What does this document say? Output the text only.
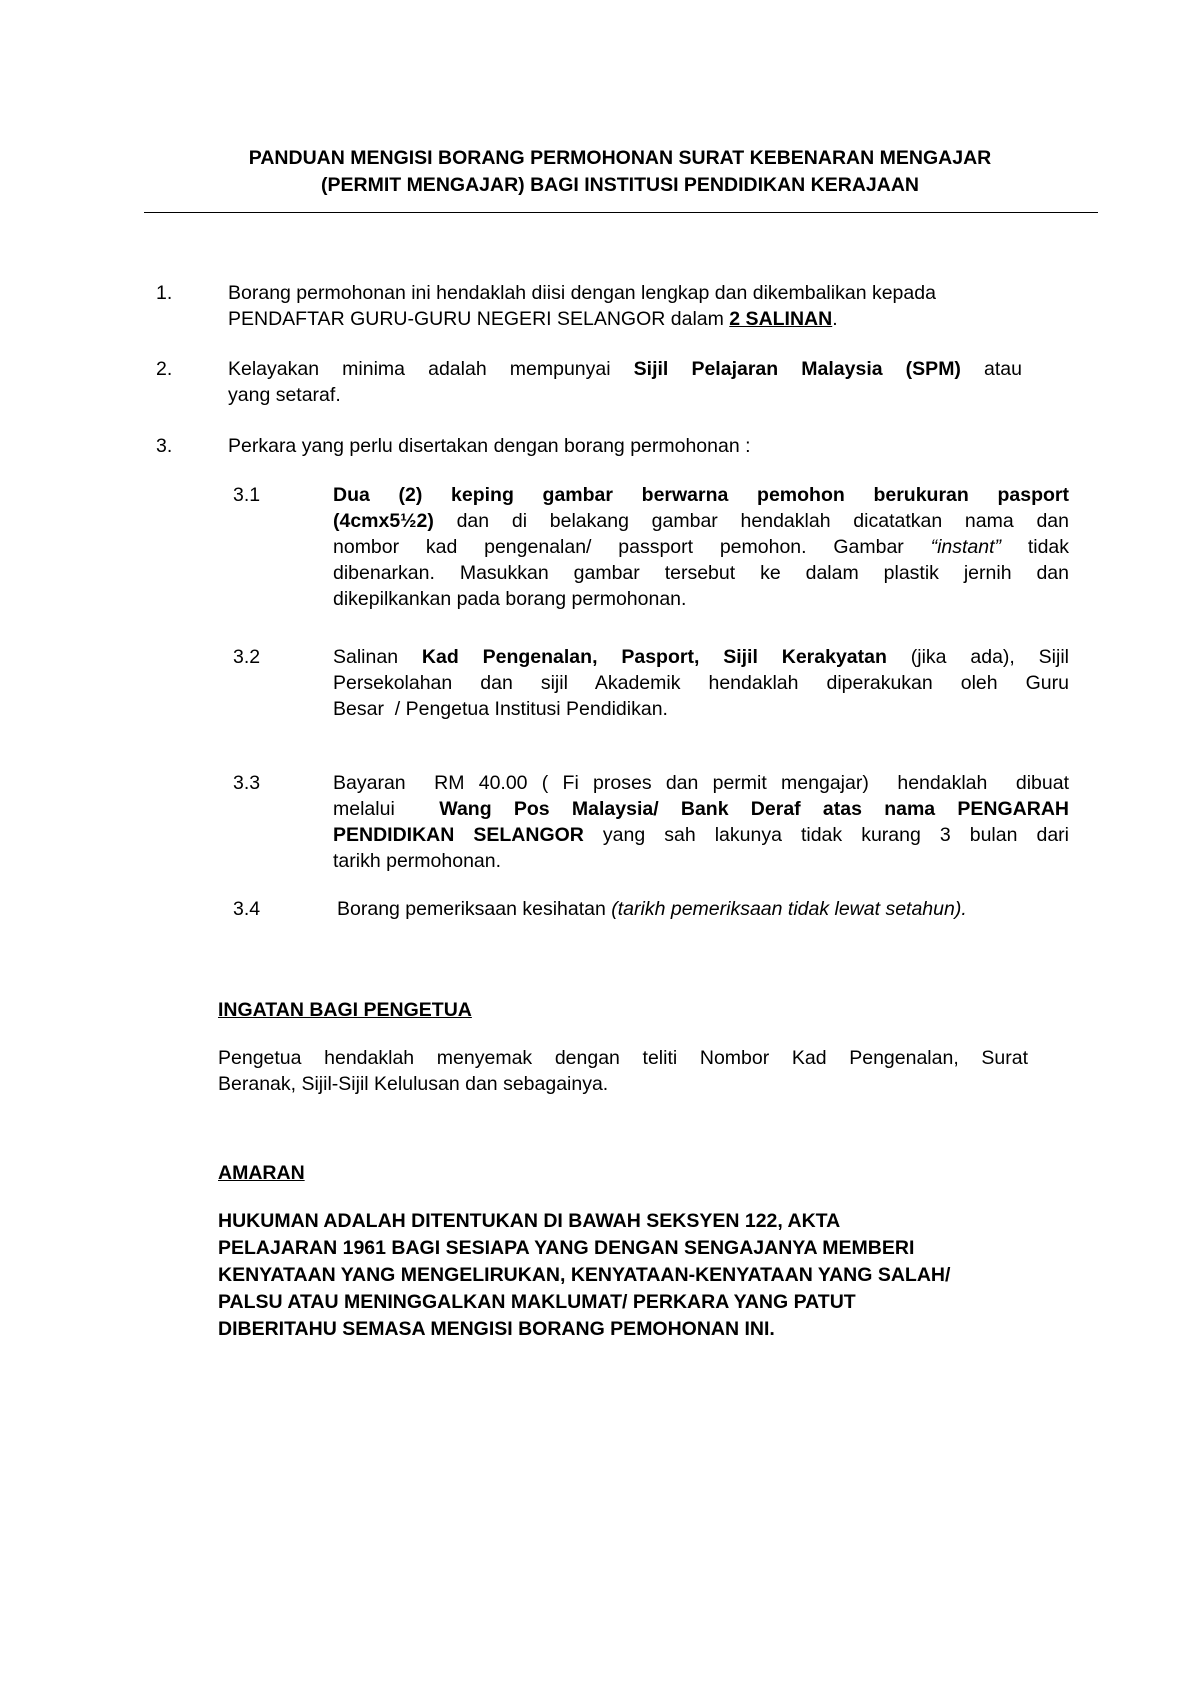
PANDUAN MENGISI BORANG PERMOHONAN SURAT KEBENARAN MENGAJAR
(PERMIT MENGAJAR) BAGI INSTITUSI PENDIDIKAN KERAJAAN
1.	Borang permohonan ini hendaklah diisi dengan lengkap dan dikembalikan kepada
PENDAFTAR GURU-GURU NEGERI SELANGOR dalam 2 SALINAN.
2.	Kelayakan minima adalah mempunyai Sijil Pelajaran Malaysia (SPM) atau
yang setaraf.
3.	Perkara yang perlu disertakan dengan borang permohonan :
3.1	Dua (2) keping gambar berwarna pemohon berukuran pasport
(4cmx5½2) dan di belakang gambar hendaklah dicatatkan nama dan
nombor kad pengenalan/ passport pemohon. Gambar “instant” tidak
dibenarkan. Masukkan gambar tersebut ke dalam plastik jernih dan
dikepilkankan pada borang permohonan.
3.2	Salinan Kad Pengenalan, Pasport, Sijil Kerakyatan (jika ada), Sijil
Persekolahan dan sijil Akademik hendaklah diperakukan oleh Guru
Besar  / Pengetua Institusi Pendidikan.
3.3	Bayaran  RM 40.00 ( Fi proses dan permit mengajar)  hendaklah  dibuat
melalui  Wang Pos Malaysia/ Bank Deraf atas nama PENGARAH
PENDIDIKAN SELANGOR yang sah lakunya tidak kurang 3 bulan dari
tarikh permohonan.
3.4	Borang pemeriksaan kesihatan (tarikh pemeriksaan tidak lewat setahun).
INGATAN BAGI PENGETUA
Pengetua hendaklah menyemak dengan teliti Nombor Kad Pengenalan, Surat
Beranak, Sijil-Sijil Kelulusan dan sebagainya.
AMARAN
HUKUMAN ADALAH DITENTUKAN DI BAWAH SEKSYEN 122, AKTA
PELAJARAN 1961 BAGI SESIAPA YANG DENGAN SENGAJANYA MEMBERI
KENYATAAN YANG MENGELIRUKAN, KENYATAAN-KENYATAAN YANG SALAH/
PALSU ATAU MENINGGALKAN MAKLUMAT/ PERKARA YANG PATUT
DIBERITAHU SEMASA MENGISI BORANG PEMOHONAN INI.
